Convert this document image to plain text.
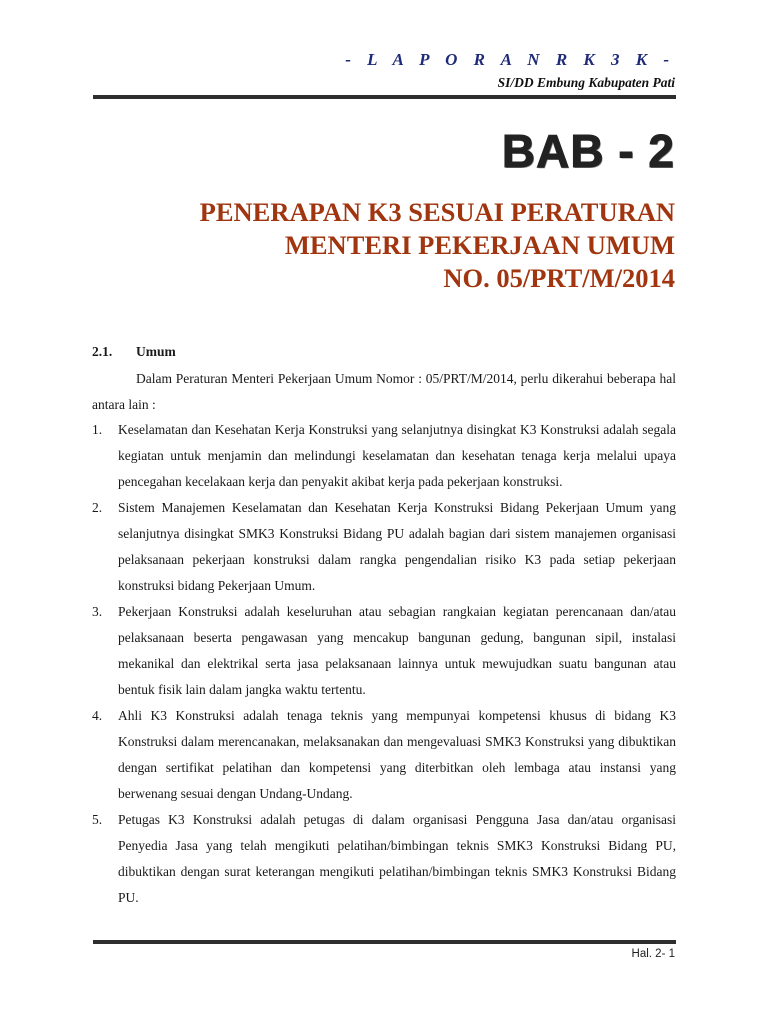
- L A P O R A N R K 3 K -
SI/DD Embung Kabupaten Pati
BAB - 2
PENERAPAN K3 SESUAI PERATURAN
MENTERI PEKERJAAN UMUM
NO. 05/PRT/M/2014
2.1. Umum
Dalam Peraturan Menteri Pekerjaan Umum Nomor : 05/PRT/M/2014, perlu dikerahui beberapa hal antara lain :
1. Keselamatan dan Kesehatan Kerja Konstruksi yang selanjutnya disingkat K3 Konstruksi adalah segala kegiatan untuk menjamin dan melindungi keselamatan dan kesehatan tenaga kerja melalui upaya pencegahan kecelakaan kerja dan penyakit akibat kerja pada pekerjaan konstruksi.
2. Sistem Manajemen Keselamatan dan Kesehatan Kerja Konstruksi Bidang Pekerjaan Umum yang selanjutnya disingkat SMK3 Konstruksi Bidang PU adalah bagian dari sistem manajemen organisasi pelaksanaan pekerjaan konstruksi dalam rangka pengendalian risiko K3 pada setiap pekerjaan konstruksi bidang Pekerjaan Umum.
3. Pekerjaan Konstruksi adalah keseluruhan atau sebagian rangkaian kegiatan perencanaan dan/atau pelaksanaan beserta pengawasan yang mencakup bangunan gedung, bangunan sipil, instalasi mekanikal dan elektrikal serta jasa pelaksanaan lainnya untuk mewujudkan suatu bangunan atau bentuk fisik lain dalam jangka waktu tertentu.
4. Ahli K3 Konstruksi adalah tenaga teknis yang mempunyai kompetensi khusus di bidang K3 Konstruksi dalam merencanakan, melaksanakan dan mengevaluasi SMK3 Konstruksi yang dibuktikan dengan sertifikat pelatihan dan kompetensi yang diterbitkan oleh lembaga atau instansi yang berwenang sesuai dengan Undang-Undang.
5. Petugas K3 Konstruksi adalah petugas di dalam organisasi Pengguna Jasa dan/atau organisasi Penyedia Jasa yang telah mengikuti pelatihan/bimbingan teknis SMK3 Konstruksi Bidang PU, dibuktikan dengan surat keterangan mengikuti pelatihan/bimbingan teknis SMK3 Konstruksi Bidang PU.
Hal. 2- 1
